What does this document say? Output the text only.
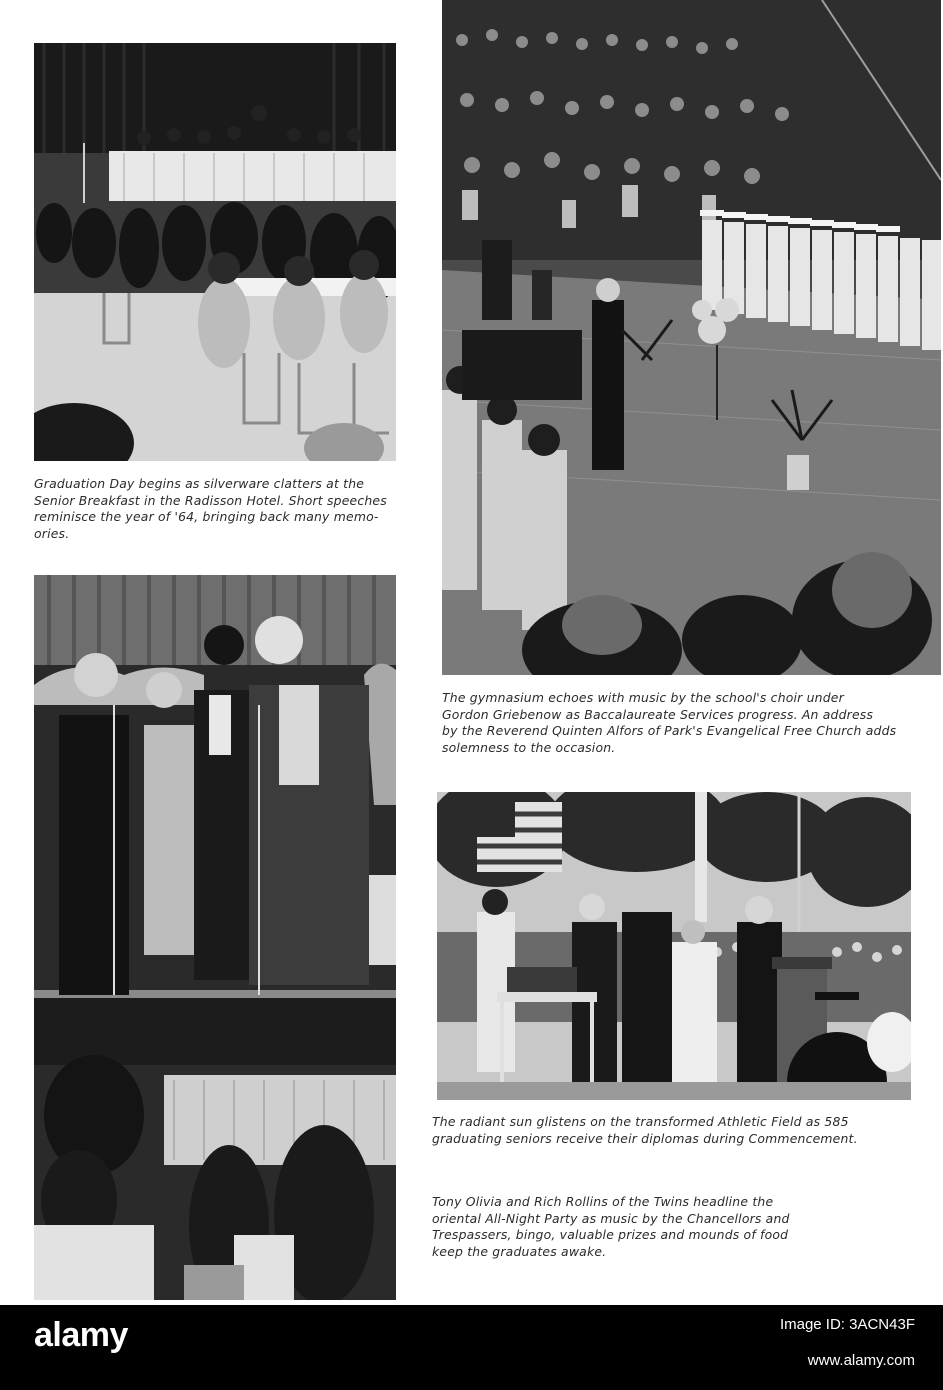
Graduation Day begins as silverware clatters at the
Senior Breakfast in the Radisson Hotel. Short speeches
reminisce the year of '64, bringing back many memo-
ories.
The gymnasium echoes with music by the school's choir under
Gordon Griebenow as Baccalaureate Services progress. An address
by the Reverend Quinten Alfors of Park's Evangelical Free Church adds
solemness to the occasion.
The radiant sun glistens on the transformed Athletic Field as 585
graduating seniors receive their diplomas during Commencement.
Tony Olivia and Rich Rollins of the Twins headline the
oriental All-Night Party as music by the Chancellors and
Trespassers, bingo, valuable prizes and mounds of food
keep the graduates awake.
alamy	Image ID: 3ACN43F
www.alamy.com
